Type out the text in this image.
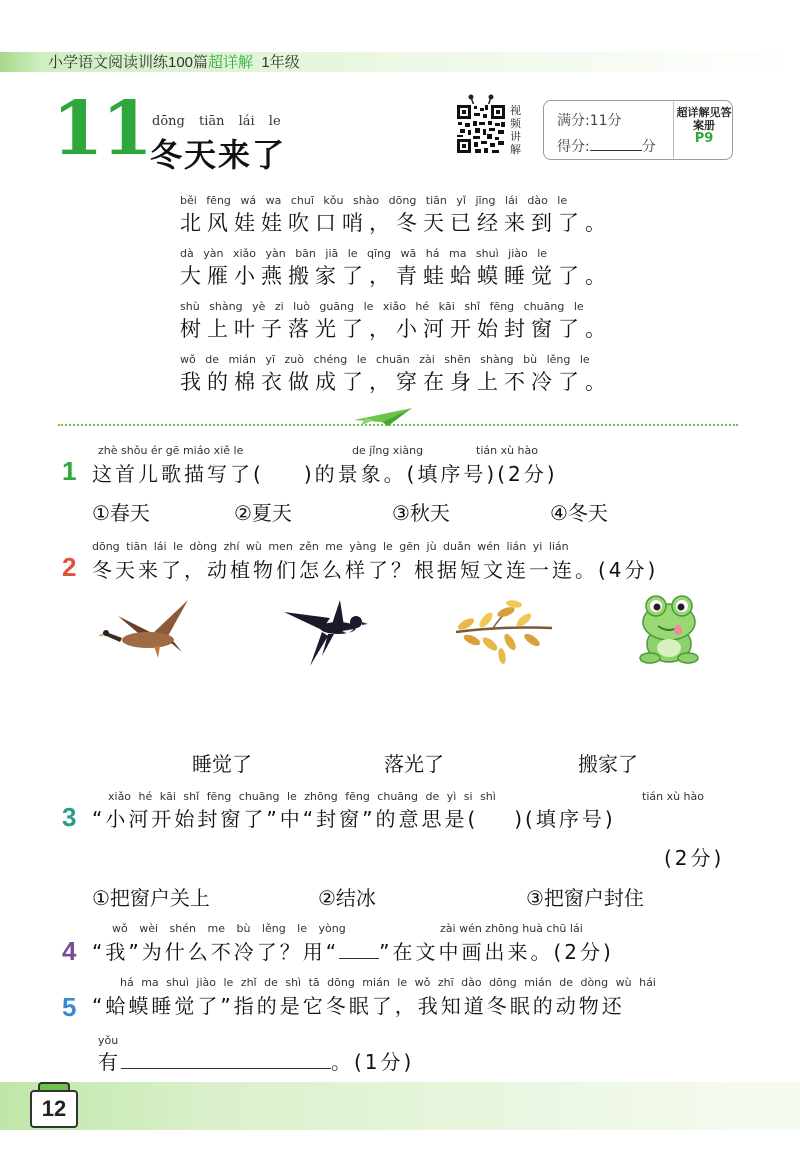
小学语文阅读训练100篇超详解 1年级
11 dōng tiān lái le
冬天来了
视频讲解
满分:11分
得分:	分
超详解见答案册
P9
běi fēng wá wa chuī kǒu shào dōng tiān yǐ jīng lái dào le
北风娃娃吹口哨，冬天已经来到了。
dà yàn xiǎo yàn bān jiā le qīng wā há ma shuì jiào le
大雁小燕搬家了，青蛙蛤蟆睡觉了。
shù shàng yè zi luò guāng le xiǎo hé kāi shǐ fēng chuāng le
树上叶子落光了，小河开始封窗了。
wǒ de mián yī zuò chéng le chuān zài shēn shàng bù lěng le
我的棉衣做成了，穿在身上不冷了。
1
zhè shǒu ér gē miáo xiě le	de jǐng xiàng	tián xù hào
这首儿歌描写了( )的景象。(填序号)(2分)
①春天	②夏天	③秋天	④冬天
2
dōng tiān lái le dòng zhí wù men zěn me yàng le gēn jù duǎn wén lián yi lián
冬天来了，动植物们怎么样了？根据短文连一连。(4分)
睡觉了	落光了	搬家了
3
xiǎo hé kāi shǐ fēng chuāng le zhōng fēng chuāng de yì si shì	tián xù hào
“小河开始封窗了”中“封窗”的意思是( )(填序号)
(2分)
①把窗户关上	②结冰	③把窗户封住
4
wǒ wèi shén me bù lěng le yòng	zài wén zhōng huà chū lái
“我”为什么不冷了？用“ ”在文中画出来。(2分)
5
há ma shuì jiào le zhǐ de shì tā dōng mián le wǒ zhī dào dōng mián de dòng wù hái
“蛤蟆睡觉了”指的是它冬眠了，我知道冬眠的动物还
yǒu
有	。(1分)
12
